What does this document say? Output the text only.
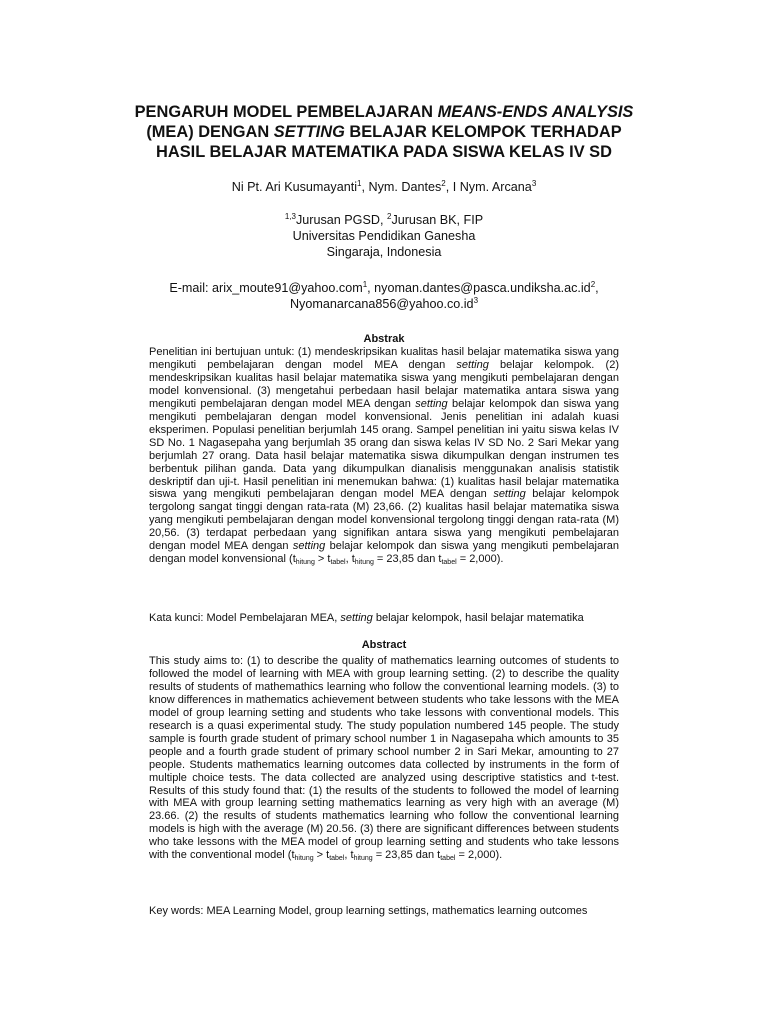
PENGARUH MODEL PEMBELAJARAN MEANS-ENDS ANALYSIS
(MEA) DENGAN SETTING BELAJAR KELOMPOK TERHADAP
HASIL BELAJAR MATEMATIKA PADA SISWA KELAS IV SD
Ni Pt. Ari Kusumayanti$^1$, Nym. Dantes$^2$, I Nym. Arcana$^3$
$^{1,3}$Jurusan PGSD, $^2$Jurusan BK, FIP
Universitas Pendidikan Ganesha
Singaraja, Indonesia
E-mail: arix_moute91@yahoo.com$^1$, $nyoman.dantes@pasca.undiksha.ac.id^2$,
$Nyomanarcana856@yahoo.co.id^3$
Abstrak

Penelitian ini bertujuan untuk: (1) mendeskripsikan kualitas hasil belajar matematika siswa yang mengikuti pembelajaran dengan model MEA dengan setting belajar kelompok. (2) mendeskripsikan kualitas hasil belajar matematika siswa yang mengikuti pembelajaran dengan model konvensional. (3) mengetahui perbedaan hasil belajar matematika antara siswa yang mengikuti pembelajaran dengan model MEA dengan setting belajar kelompok dan siswa yang mengikuti pembelajaran dengan model konvensional. Jenis penelitian ini adalah kuasi eksperimen. Populasi penelitian berjumlah 145 orang. Sampel penelitian ini yaitu siswa kelas IV SD No. 1 Nagasepaha yang berjumlah 35 orang dan siswa kelas IV SD No. 2 Sari Mekar yang berjumlah 27 orang. Data hasil belajar matematika siswa dikumpulkan dengan instrumen tes berbentuk pilihan ganda. Data yang dikumpulkan dianalisis menggunakan analisis statistik deskriptif dan uji-t. Hasil penelitian ini menemukan bahwa: (1) kualitas hasil belajar matematika siswa yang mengikuti pembelajaran dengan model MEA dengan setting belajar kelompok tergolong sangat tinggi dengan rata-rata (M) 23,66. (2) kualitas hasil belajar matematika siswa yang mengikuti pembelajaran dengan model konvensional tergolong tinggi dengan rata-rata (M) 20,56. (3) terdapat perbedaan yang signifikan antara siswa yang mengikuti pembelajaran dengan model MEA dengan setting belajar kelompok dan siswa yang mengikuti pembelajaran dengan model konvensional ($t_{hitung} > t_{tabel}$, $t_{hitung} = 23,85$ dan $t_{tabel} = 2,000$).

Kata kunci: Model Pembelajaran MEA, setting belajar kelompok, hasil belajar matematika

Abstract

This study aims to: (1) to describe the quality of mathematics learning outcomes of students to followed the model of learning with MEA with group learning setting. (2) to describe the quality results of students of mathemathics learning who follow the conventional learning models. (3) to know differences in mathematics achievement between students who take lessons with the MEA model of group learning setting and students who take lessons with conventional models. This research is a quasi experimental study. The study population numbered 145 people. The study sample is fourth grade student of primary school number 1 in Nagasepaha which amounts to 35 people and a fourth grade student of primary school number 2 in Sari Mekar, amounting to 27 people. Students mathematics learning outcomes data collected by instruments in the form of multiple choice tests. The data collected are analyzed using descriptive statistics and t-test. Results of this study found that: (1) the results of the students to followed the model of learning with MEA with group learning setting mathematics learning as very high with an average (M) 23.66. (2) the results of students mathematics learning who follow the conventional learning models is high with the average (M) 20.56. (3) there are significant differences between students who take lessons with the MEA model of group learning setting and students who take lessons with the conventional model ($t_{hitung} > t_{tabel}$, $t_{hitung} = 23,85$ dan $t_{tabel} = 2,000$).

Key words: MEA Learning Model, group learning settings, mathematics learning outcomes
